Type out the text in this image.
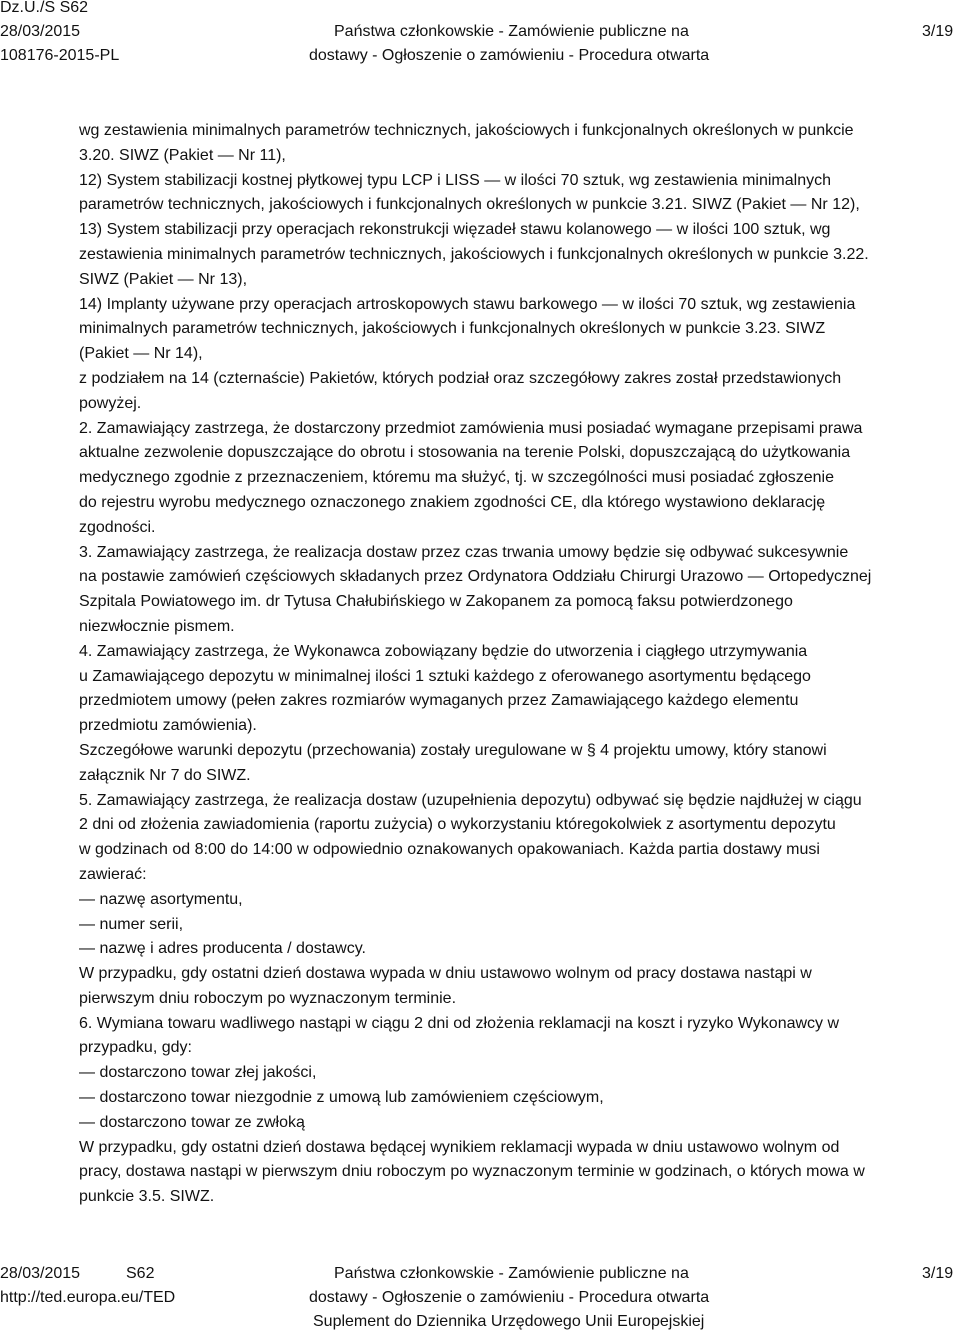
Dz.U./S S62
28/03/2015
108176-2015-PL
Państwa członkowskie - Zamówienie publiczne na
dostawy - Ogłoszenie o zamówieniu - Procedura otwarta
3/19
wg zestawienia minimalnych parametrów technicznych, jakościowych i funkcjonalnych określonych w punkcie
3.20. SIWZ (Pakiet — Nr 11),
12) System stabilizacji kostnej płytkowej typu LCP i LISS — w ilości 70 sztuk, wg zestawienia minimalnych
parametrów technicznych, jakościowych i funkcjonalnych określonych w punkcie 3.21. SIWZ (Pakiet — Nr 12),
13) System stabilizacji przy operacjach rekonstrukcji więzadeł stawu kolanowego — w ilości 100 sztuk, wg
zestawienia minimalnych parametrów technicznych, jakościowych i funkcjonalnych określonych w punkcie 3.22.
SIWZ (Pakiet — Nr 13),
14) Implanty używane przy operacjach artroskopowych stawu barkowego — w ilości 70 sztuk, wg zestawienia
minimalnych parametrów technicznych, jakościowych i funkcjonalnych określonych w punkcie 3.23. SIWZ
(Pakiet — Nr 14),
z podziałem na 14 (czternaście) Pakietów, których podział oraz szczegółowy zakres został przedstawionych
powyżej.
2. Zamawiający zastrzega, że dostarczony przedmiot zamówienia musi posiadać wymagane przepisami prawa
aktualne zezwolenie dopuszczające do obrotu i stosowania na terenie Polski, dopuszczającą do użytkowania
medycznego zgodnie z przeznaczeniem, któremu ma służyć, tj. w szczególności musi posiadać zgłoszenie
do rejestru wyrobu medycznego oznaczonego znakiem zgodności CE, dla którego wystawiono deklarację
zgodności.
3. Zamawiający zastrzega, że realizacja dostaw przez czas trwania umowy będzie się odbywać sukcesywnie
na postawie zamówień częściowych składanych przez Ordynatora Oddziału Chirurgi Urazowo — Ortopedycznej
Szpitala Powiatowego im. dr Tytusa Chałubińskiego w Zakopanem za pomocą faksu potwierdzonego
niezwłocznie pismem.
4. Zamawiający zastrzega, że Wykonawca zobowiązany będzie do utworzenia i ciągłego utrzymywania
u Zamawiającego depozytu w minimalnej ilości 1 sztuki każdego z oferowanego asortymentu będącego
przedmiotem umowy (pełen zakres rozmiarów wymaganych przez Zamawiającego każdego elementu
przedmiotu zamówienia).
Szczegółowe warunki depozytu (przechowania) zostały uregulowane w § 4 projektu umowy, który stanowi
załącznik Nr 7 do SIWZ.
5. Zamawiający zastrzega, że realizacja dostaw (uzupełnienia depozytu) odbywać się będzie najdłużej w ciągu
2 dni od złożenia zawiadomienia (raportu zużycia) o wykorzystaniu któregokolwiek z asortymentu depozytu
w godzinach od 8:00 do 14:00 w odpowiednio oznakowanych opakowaniach. Każda partia dostawy musi
zawierać:
— nazwę asortymentu,
— numer serii,
— nazwę i adres producenta / dostawcy.
W przypadku, gdy ostatni dzień dostawa wypada w dniu ustawowo wolnym od pracy dostawa nastąpi w
pierwszym dniu roboczym po wyznaczonym terminie.
6. Wymiana towaru wadliwego nastąpi w ciągu 2 dni od złożenia reklamacji na koszt i ryzyko Wykonawcy w
przypadku, gdy:
— dostarczono towar złej jakości,
— dostarczono towar niezgodnie z umową lub zamówieniem częściowym,
— dostarczono towar ze zwłoką
W przypadku, gdy ostatni dzień dostawa będącej wynikiem reklamacji wypada w dniu ustawowo wolnym od
pracy, dostawa nastąpi w pierwszym dniu roboczym po wyznaczonym terminie w godzinach, o których mowa w
punkcie 3.5. SIWZ.
28/03/2015	S62
http://ted.europa.eu/TED
Państwa członkowskie - Zamówienie publiczne na
dostawy - Ogłoszenie o zamówieniu - Procedura otwarta
Suplement do Dziennika Urzędowego Unii Europejskiej
3/19
